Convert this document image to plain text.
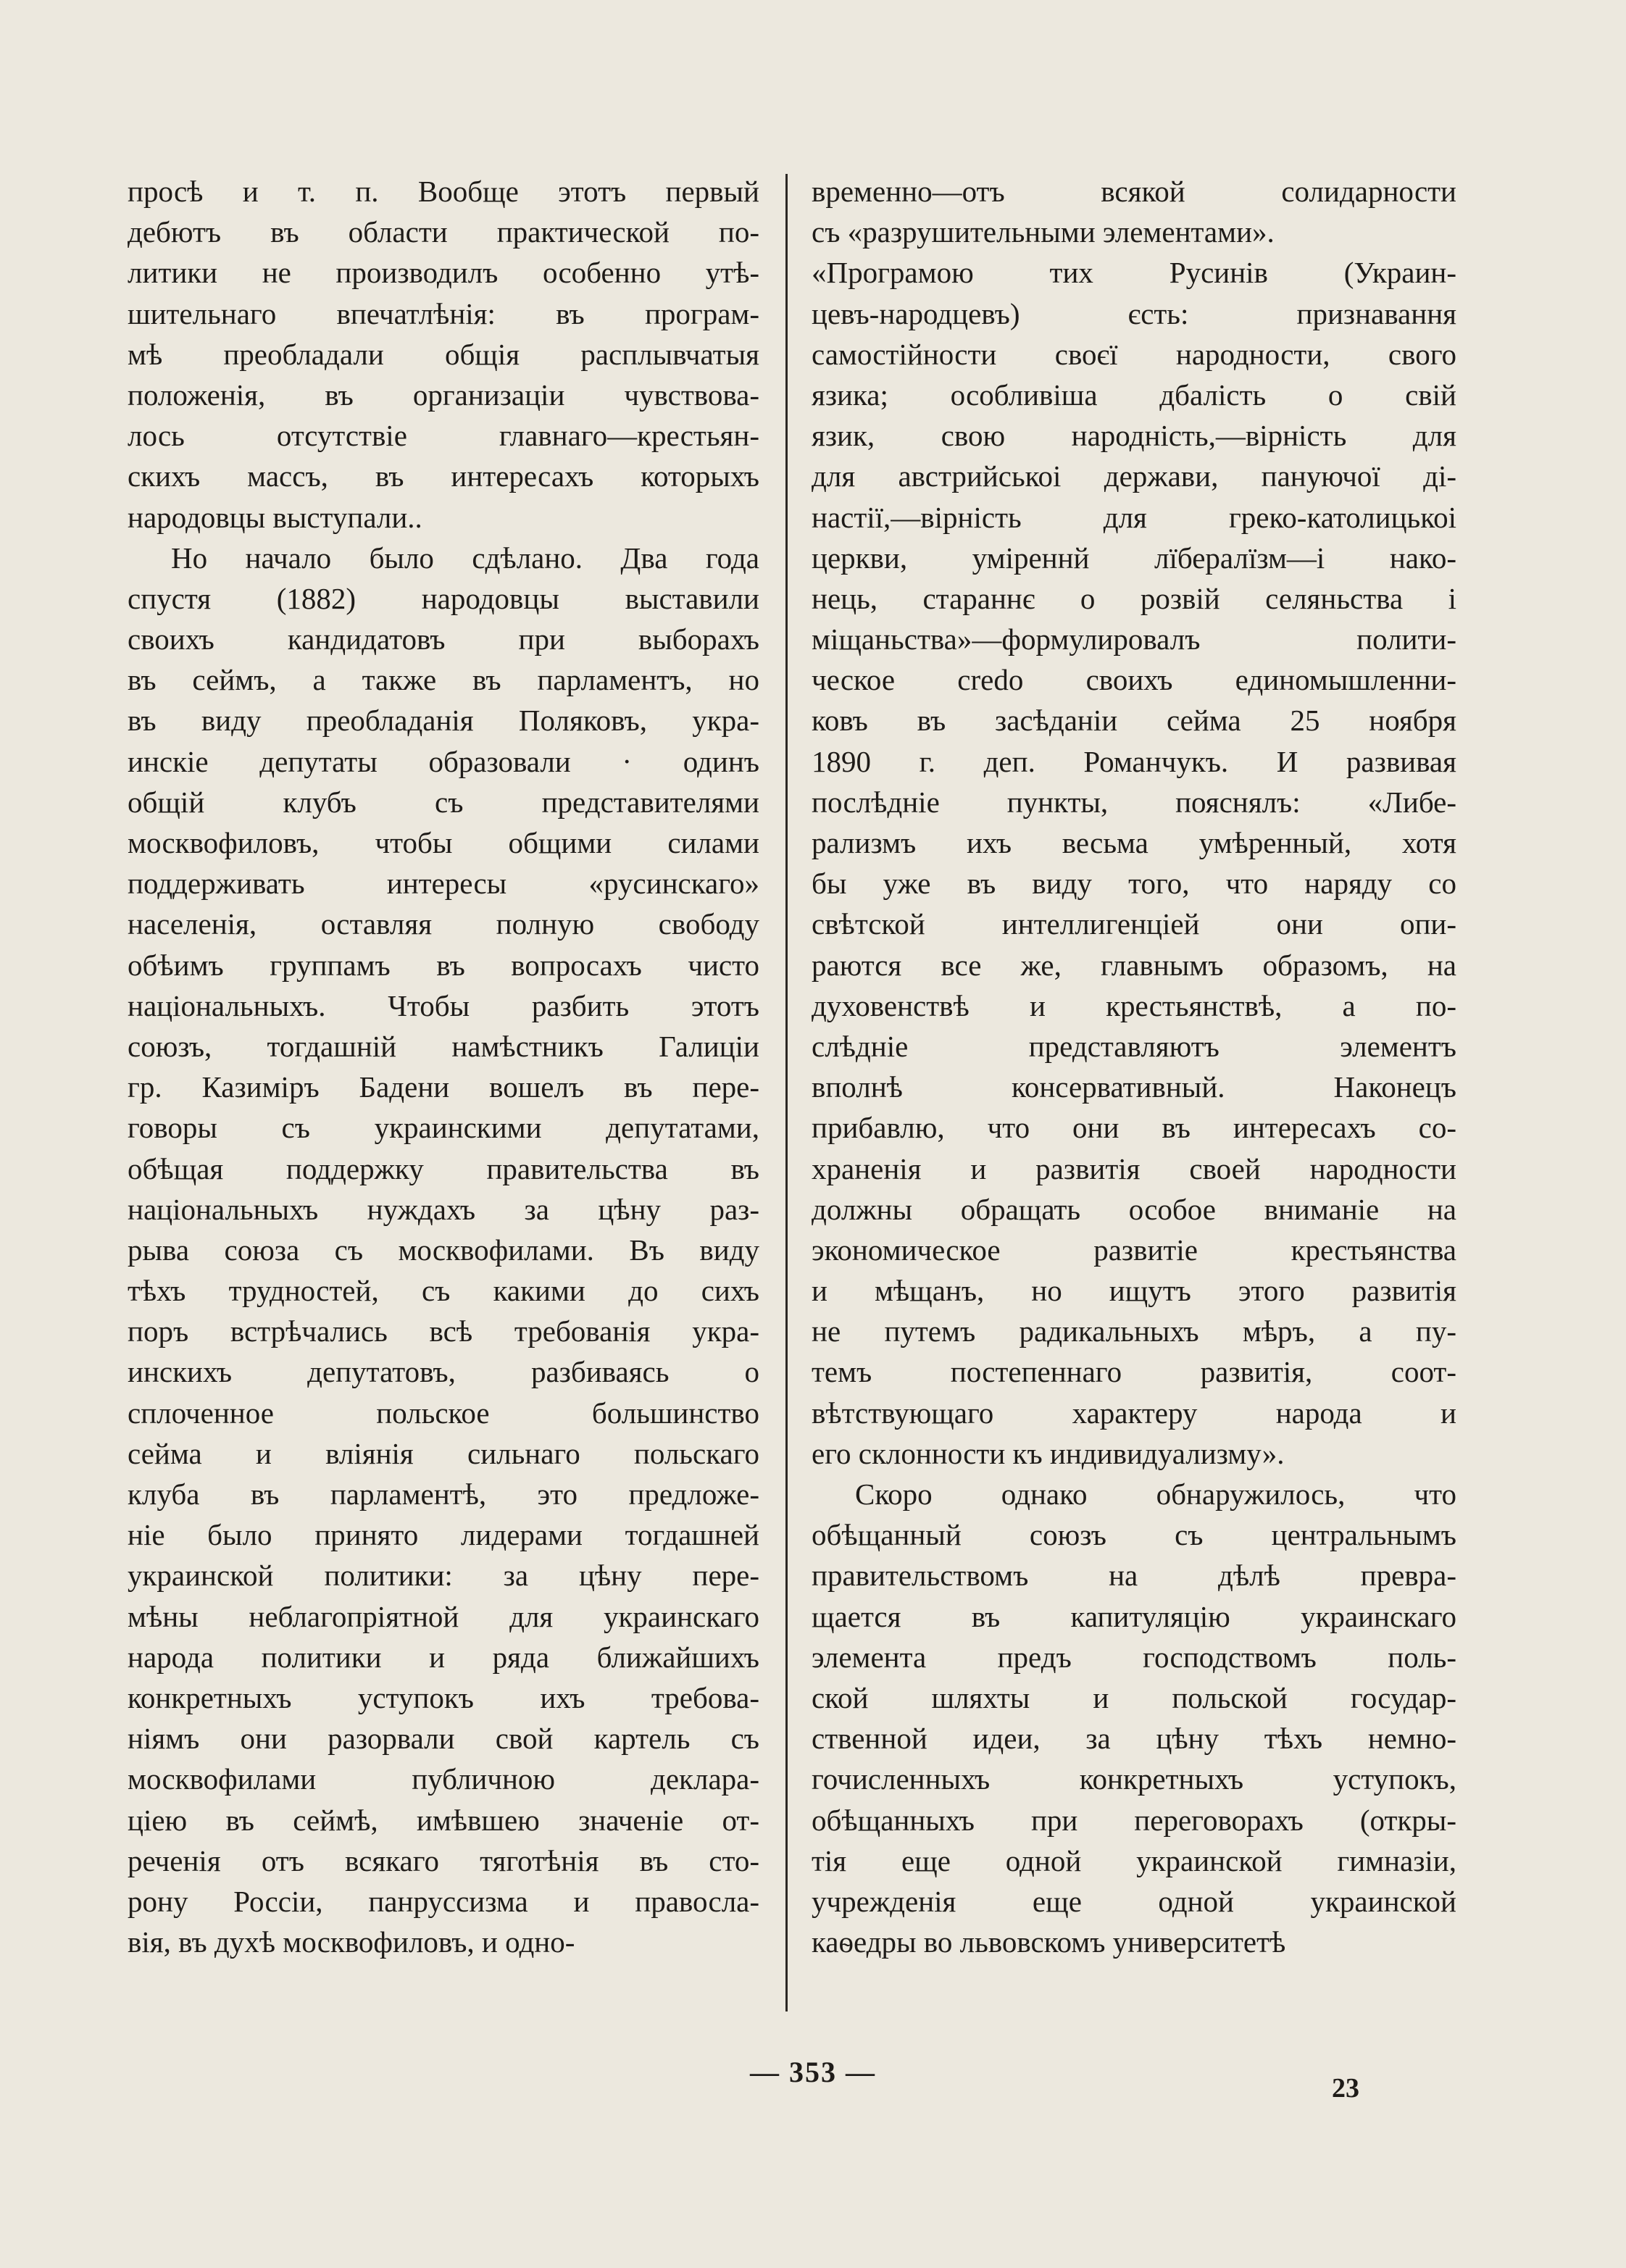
просѣ и т. п. Вообще этотъ первый
дебютъ въ области практической по-
литики не производилъ особенно утѣ-
шительнаго впечатлѣнія: въ програм-
мѣ преобладали общія расплывчатыя
положенія, въ организаціи чувствова-
лось отсутствіе главнаго—крестьян-
скихъ массъ, въ интересахъ которыхъ
народовцы выступали..
Но начало было сдѣлано. Два года
спустя (1882) народовцы выставили
своихъ кандидатовъ при выборахъ
въ сеймъ, а также въ парламентъ, но
въ виду преобладанія Поляковъ, укра-
инскіе депутаты образовали · одинъ
общій клубъ съ представителями
москвофиловъ, чтобы общими силами
поддерживать интересы «русинскаго»
населенія, оставляя полную свободу
обѣимъ группамъ въ вопросахъ чисто
національныхъ. Чтобы разбить этотъ
союзъ, тогдашній намѣстникъ Галиціи
гр. Казиміръ Бадени вошелъ въ пере-
говоры съ украинскими депутатами,
обѣщая поддержку правительства въ
національныхъ нуждахъ за цѣну раз-
рыва союза съ москвофилами. Въ виду
тѣхъ трудностей, съ какими до сихъ
поръ встрѣчались всѣ требованія укра-
инскихъ депутатовъ, разбиваясь о
сплоченное польское большинство
сейма и вліянія сильнаго польскаго
клуба въ парламентѣ, это предложе-
ніе было принято лидерами тогдашней
украинской политики: за цѣну пере-
мѣны неблагопріятной для украинскаго
народа политики и ряда ближайшихъ
конкретныхъ уступокъ ихъ требова-
ніямъ они разорвали свой картель съ
москвофилами публичною деклара-
ціею въ сеймѣ, имѣвшею значеніе от-
реченія отъ всякаго тяготѣнія въ сто-
рону Россіи, панруссизма и правосла-
вія, въ духѣ москвофиловъ, и одно-
временно—отъ всякой солидарности
съ «разрушительными элементами».
«Програмою тих Русинів (Украин-
цевъ-народцевъ) єсть: признавання
самостійности своєї народности, свого
язика; особливіша дбалість о свій
язик, свою народність,—вірність для
для австрийськоі держави, пануючої ді-
настії,—вірність для греко-католицькоі
церкви, уміреннй лїбералїзм—і нако-
нець, стараннє о розвій селяньства і
міщаньства»—формулировалъ полити-
ческое credo своихъ единомышленни-
ковъ въ засѣданіи сейма 25 ноября
1890 г. деп. Романчукъ. И развивая
послѣдніе пункты, пояснялъ: «Либе-
рализмъ ихъ весьма умѣренный, хотя
бы уже въ виду того, что наряду со
свѣтской интеллигенціей они опи-
раются все же, главнымъ образомъ, на
духовенствѣ и крестьянствѣ, а по-
слѣдніе представляютъ элементъ
вполнѣ консервативный. Наконецъ
прибавлю, что они въ интересахъ со-
храненія и развитія своей народности
должны обращать особое вниманіе на
экономическое развитіе крестьянства
и мѣщанъ, но ищутъ этого развитія
не путемъ радикальныхъ мѣръ, а пу-
темъ постепеннаго развитія, соот-
вѣтствующаго характеру народа и
его склонности къ индивидуализму».
Скоро однако обнаружилось, что
обѣщанный союзъ съ центральнымъ
правительствомъ на дѣлѣ превра-
щается въ капитуляцію украинскаго
элемента предъ господствомъ поль-
ской шляхты и польской государ-
ственной идеи, за цѣну тѣхъ немно-
гочисленныхъ конкретныхъ уступокъ,
обѣщанныхъ при переговорахъ (откры-
тія еще одной украинской гимназіи,
учрежденія еще одной украинской
каѳедры во львовскомъ университетѣ
— 353 —	23
